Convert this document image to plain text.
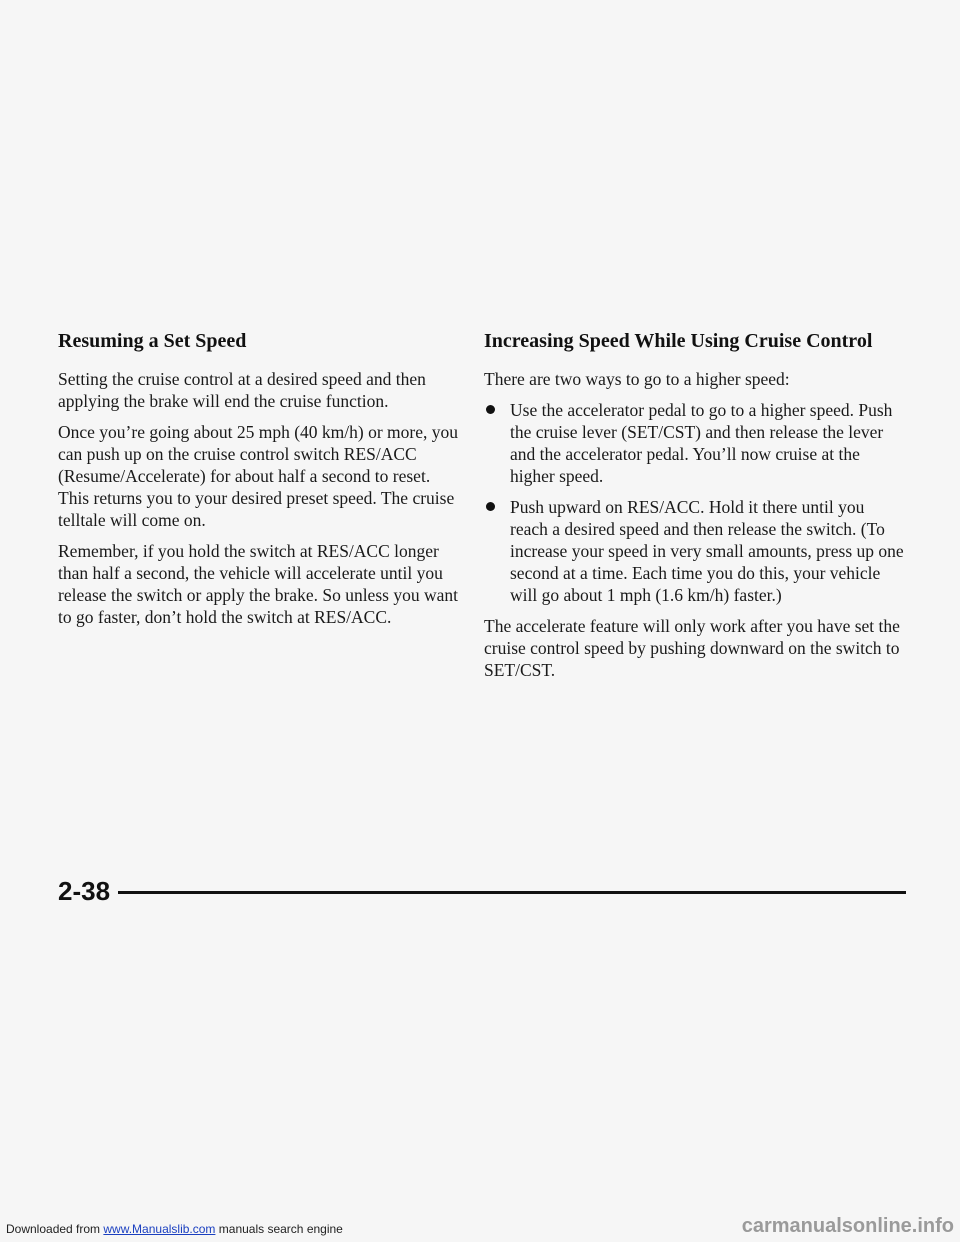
Resuming a Set Speed

Setting the cruise control at a desired speed and then applying the brake will end the cruise function.

Once you’re going about 25 mph (40 km/h) or more, you can push up on the cruise control switch RES/ACC (Resume/Accelerate) for about half a second to reset. This returns you to your desired preset speed. The cruise telltale will come on.

Remember, if you hold the switch at RES/ACC longer than half a second, the vehicle will accelerate until you release the switch or apply the brake. So unless you want to go faster, don’t hold the switch at RES/ACC.

Increasing Speed While Using Cruise Control

There are two ways to go to a higher speed:

Use the accelerator pedal to go to a higher speed. Push the cruise lever (SET/CST) and then release the lever and the accelerator pedal. You’ll now cruise at the higher speed.
Push upward on RES/ACC. Hold it there until you reach a desired speed and then release the switch. (To increase your speed in very small amounts, press up one second at a time. Each time you do this, your vehicle will go about 1 mph (1.6 km/h) faster.)

The accelerate feature will only work after you have set the cruise control speed by pushing downward on the switch to SET/CST.

2-38
Downloaded from www.Manualslib.com manuals search engine	carmanualsonline.info
